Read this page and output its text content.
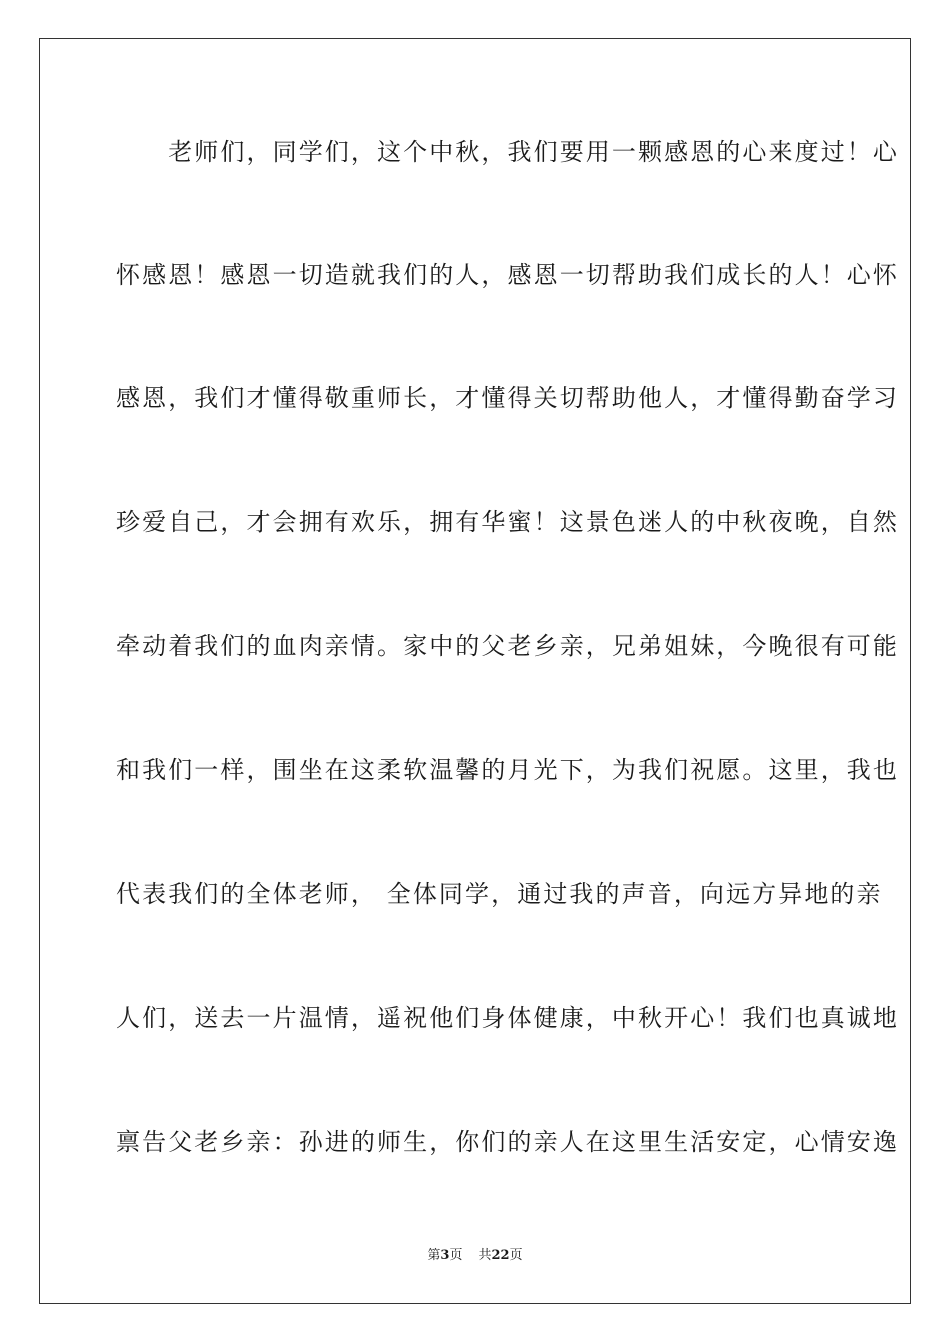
　　老师们，同学们，这个中秋，我们要用一颗感恩的心来度过！心
怀感恩！感恩一切造就我们的人，感恩一切帮助我们成长的人！心怀
感恩，我们才懂得敬重师长，才懂得关切帮助他人，才懂得勤奋学习
珍爱自己，才会拥有欢乐，拥有华蜜！这景色迷人的中秋夜晚，自然
牵动着我们的血肉亲情。家中的父老乡亲，兄弟姐妹，今晚很有可能
和我们一样，围坐在这柔软温馨的月光下，为我们祝愿。这里，我也
代表我们的全体老师， 全体同学，通过我的声音，向远方异地的亲
人们，送去一片温情，遥祝他们身体健康，中秋开心！我们也真诚地
禀告父老乡亲：孙进的师生，你们的亲人在这里生活安定，心情安逸
第3页 共22页
